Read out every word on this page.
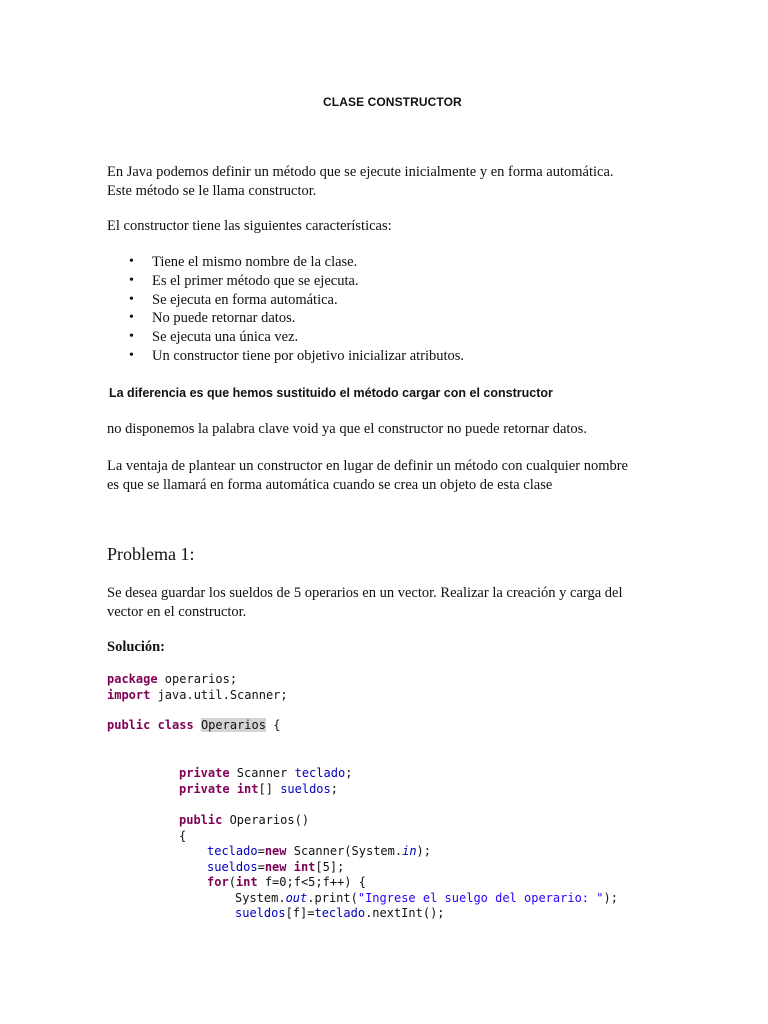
CLASE CONSTRUCTOR
En Java podemos definir un método que se ejecute inicialmente y en forma automática.
Este método se le llama constructor.
El constructor tiene las siguientes características:
• Tiene el mismo nombre de la clase.
• Es el primer método que se ejecuta.
• Se ejecuta en forma automática.
• No puede retornar datos.
• Se ejecuta una única vez.
• Un constructor tiene por objetivo inicializar atributos.
La diferencia es que hemos sustituido el método cargar con el constructor
no disponemos la palabra clave void ya que el constructor no puede retornar datos.
La ventaja de plantear un constructor en lugar de definir un método con cualquier nombre
es que se llamará en forma automática cuando se crea un objeto de esta clase
Problema 1:
Se desea guardar los sueldos de 5 operarios en un vector. Realizar la creación y carga del
vector en el constructor.
Solución:
package operarios;
import java.util.Scanner;
public class Operarios {
private Scanner teclado;
private int[] sueldos;
public Operarios()
{
teclado=new Scanner(System.in);
sueldos=new int[5];
for(int f=0;f<5;f++) {
System.out.print("Ingrese el suelgo del operario: ");
sueldos[f]=teclado.nextInt();
